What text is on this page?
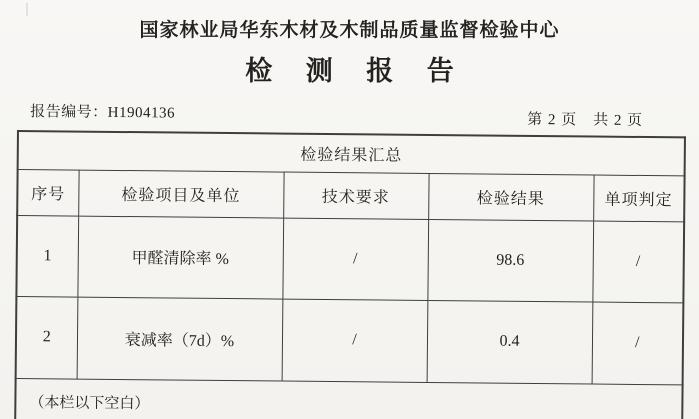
国家林业局华东木材及木制品质量监督检验中心
检 测 报 告
报告编号：H1904136	第 2 页　共 2 页
检验结果汇总				
序号	检验项目及单位	技术要求	检验结果	单项判定
1	甲醛清除率 %	/	98.6	/
2	衰减率（7d）%	/	0.4	/
（本栏以下空白）				
